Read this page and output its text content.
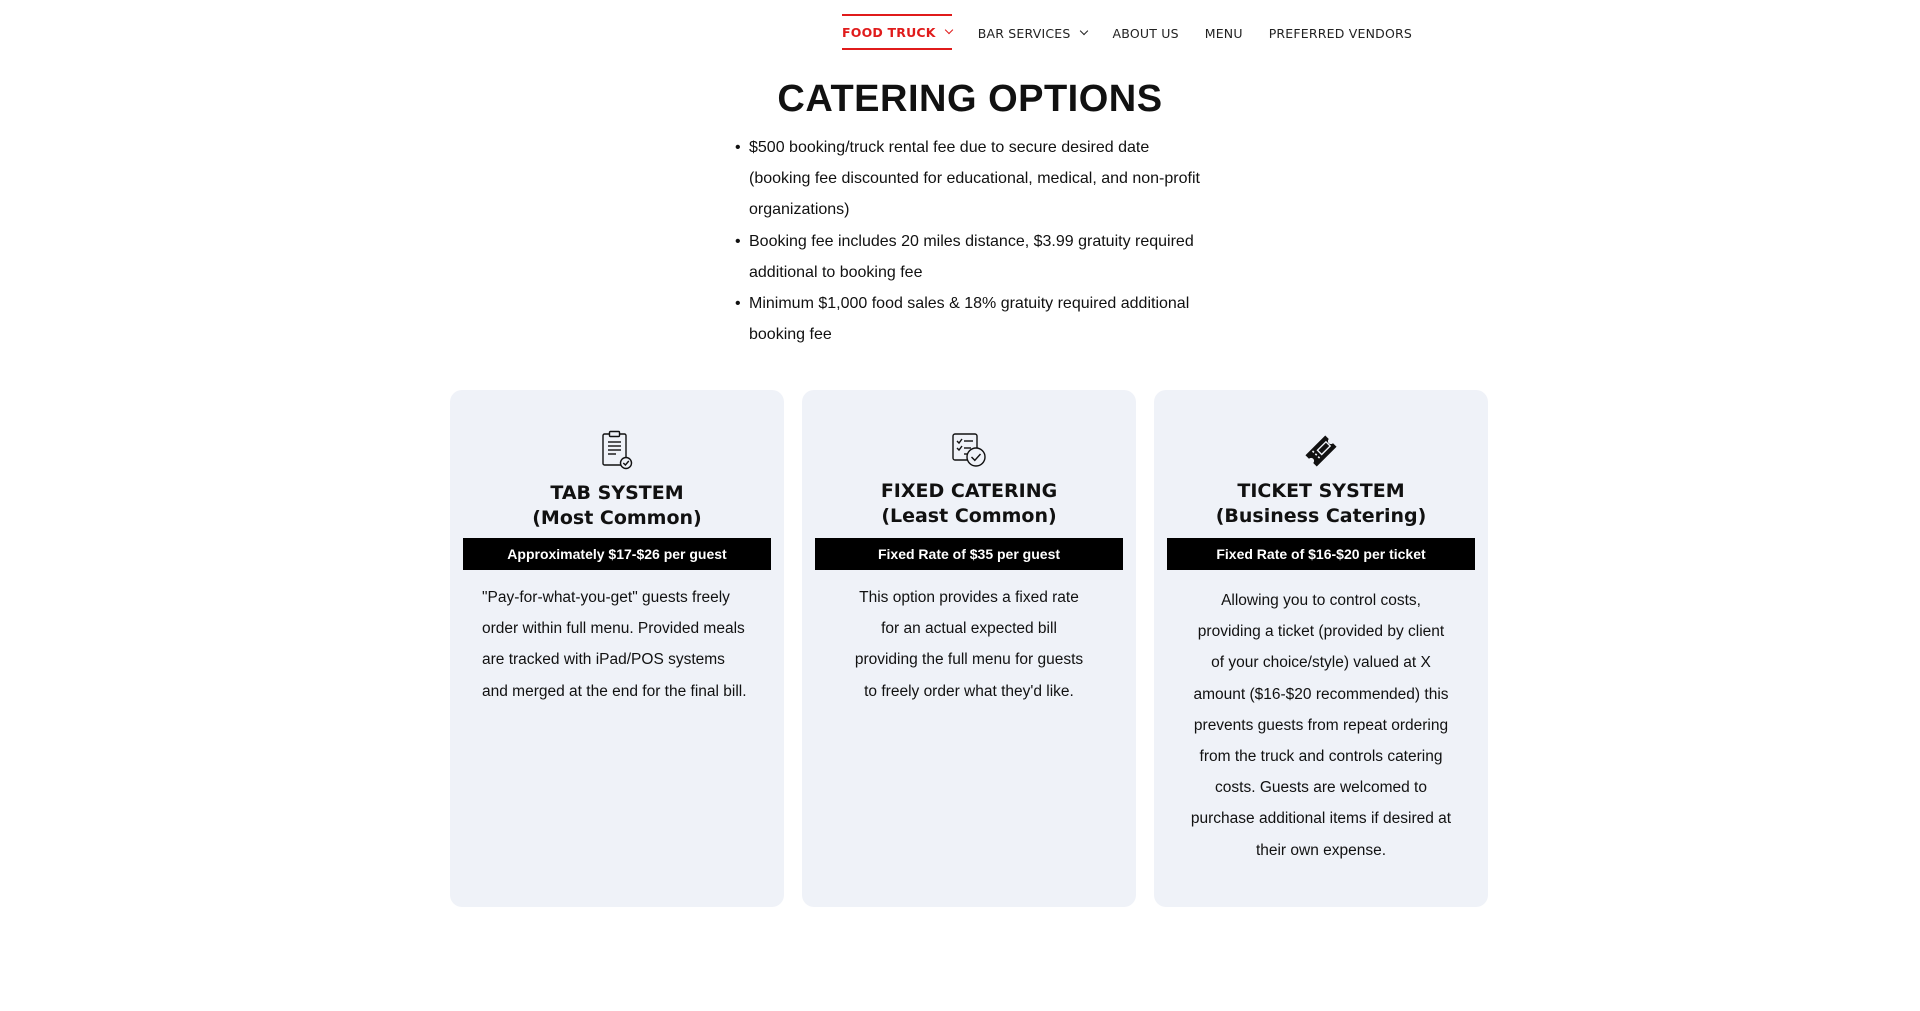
FOOD TRUCK	BAR SERVICES	ABOUT US MENU PREFERRED VENDORS
CATERING OPTIONS
• $500 booking/truck rental fee due to secure desired date (booking fee discounted for educational, medical, and non-profit organizations)
• Booking fee includes 20 miles distance, $3.99 gratuity required additional to booking fee
• Minimum $1,000 food sales & 18% gratuity required additional booking fee
TAB SYSTEM
(Most Common)
Approximately $17-$26 per guest
"Pay-for-what-you-get" guests freely order within full menu. Provided meals are tracked with iPad/POS systems and merged at the end for the final bill.
FIXED CATERING
(Least Common)
Fixed Rate of $35 per guest
This option provides a fixed rate for an actual expected bill providing the full menu for guests to freely order what they'd like.
TICKET SYSTEM
(Business Catering)
Fixed Rate of $16-$20 per ticket
Allowing you to control costs, providing a ticket (provided by client of your choice/style) valued at X amount ($16-$20 recommended) this prevents guests from repeat ordering from the truck and controls catering costs. Guests are welcomed to purchase additional items if desired at their own expense.
